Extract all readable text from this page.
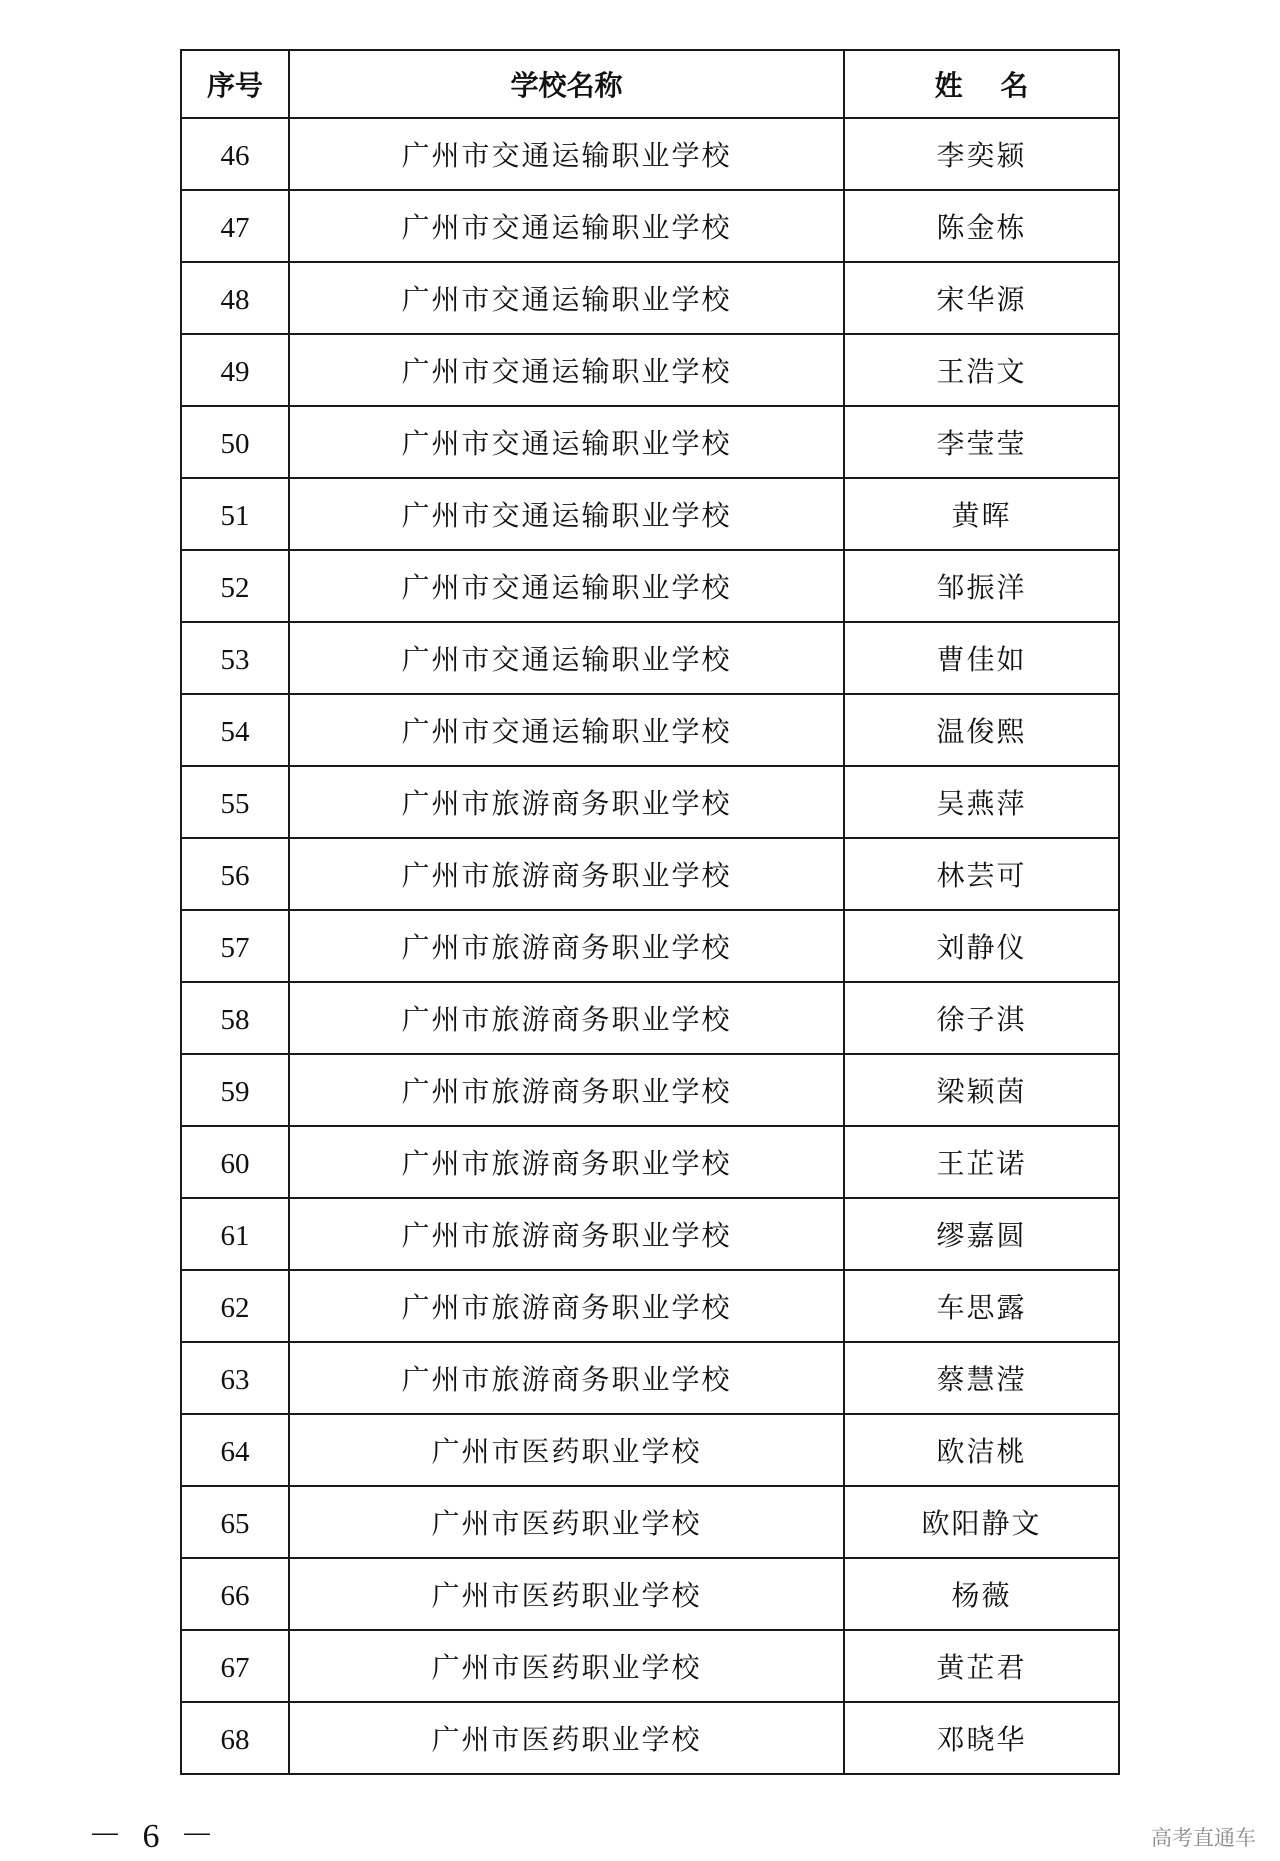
序号	学校名称	姓 名
46	广州市交通运输职业学校	李奕颍
47	广州市交通运输职业学校	陈金栋
48	广州市交通运输职业学校	宋华源
49	广州市交通运输职业学校	王浩文
50	广州市交通运输职业学校	李莹莹
51	广州市交通运输职业学校	黄晖
52	广州市交通运输职业学校	邹振洋
53	广州市交通运输职业学校	曹佳如
54	广州市交通运输职业学校	温俊熙
55	广州市旅游商务职业学校	吴燕萍
56	广州市旅游商务职业学校	林芸可
57	广州市旅游商务职业学校	刘静仪
58	广州市旅游商务职业学校	徐子淇
59	广州市旅游商务职业学校	梁颖茵
60	广州市旅游商务职业学校	王芷诺
61	广州市旅游商务职业学校	缪嘉圆
62	广州市旅游商务职业学校	车思露
63	广州市旅游商务职业学校	蔡慧滢
64	广州市医药职业学校	欧洁桃
65	广州市医药职业学校	欧阳静文
66	广州市医药职业学校	杨薇
67	广州市医药职业学校	黄芷君
68	广州市医药职业学校	邓晓华
－ 6 －	高考直通车
